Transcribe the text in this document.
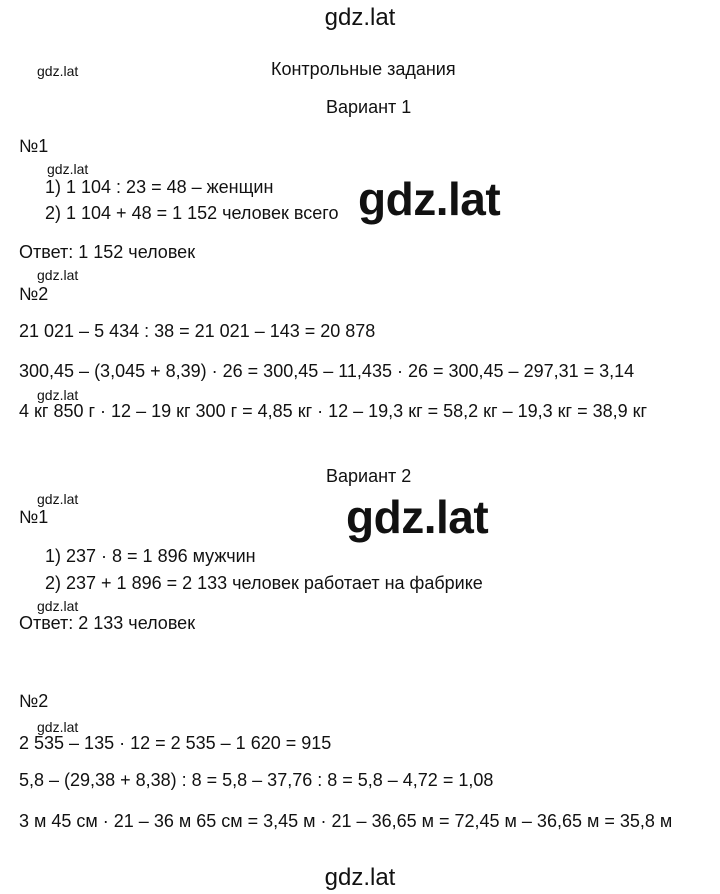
gdz.lat
gdz.lat	Контрольные задания
Вариант 1
№1
gdz.lat
1) 1 104 : 23 = 48 – женщин
2) 1 104 + 48 = 1 152 человек всего gdz.lat
Ответ: 1 152 человек
gdz.lat
№2
21 021 – 5 434 : 38 = 21 021 – 143 = 20 878
300,45 – (3,045 + 8,39) · 26 = 300,45 – 11,435 · 26 = 300,45 – 297,31 = 3,14
gdz.lat
4 кг 850 г · 12 – 19 кг 300 г = 4,85 кг · 12 – 19,3 кг = 58,2 кг – 19,3 кг = 38,9 кг
Вариант 2
gdz.lat
№1	gdz.lat
1) 237 · 8 = 1 896 мужчин
2) 237 + 1 896 = 2 133 человек работает на фабрике
gdz.lat
Ответ: 2 133 человек
№2
gdz.lat
2 535 – 135 · 12 = 2 535 – 1 620 = 915
5,8 – (29,38 + 8,38) : 8 = 5,8 – 37,76 : 8 = 5,8 – 4,72 = 1,08
3 м 45 см · 21 – 36 м 65 см = 3,45 м · 21 – 36,65 м = 72,45 м – 36,65 м = 35,8 м
gdz.lat
